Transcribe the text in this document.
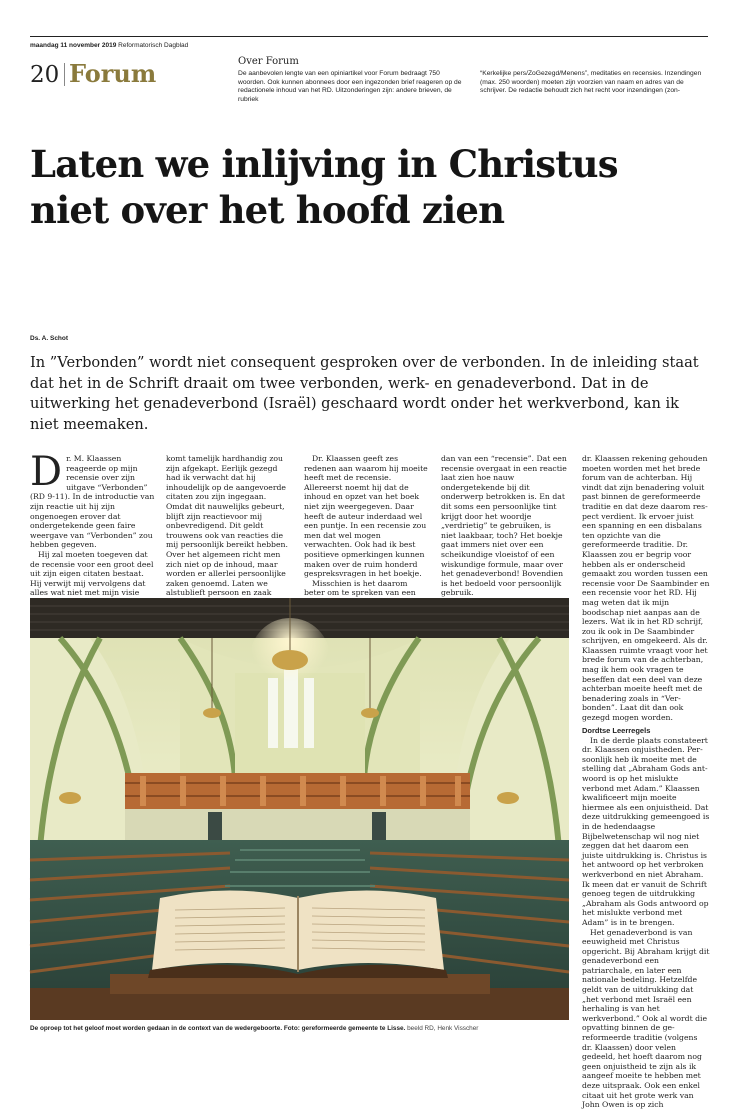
maandag 11 november 2019 Reformatorisch Dagblad
20 Forum	Over Forum
De aanbevolen lengte van een opiniartikel voor Forum bedraagt 750 woorden. Ook kunnen abonnees door een ingezonden brief reageren op de redactionele inhoud van het RD. Uitzonderingen zijn: andere brieven, de rubriek
“Kerkelijke pers/ZoGezegd/Menens”, meditaties en recensies. Inzendingen (max. 250 woorden) moeten zijn voorzien van naam en adres van de schrijver. De redactie behoudt zich het recht voor inzendingen (zon-
Laten we inlijving in Christus niet over het hoofd zien
Ds. A. Schot

In ”Verbonden” wordt niet consequent gesproken over de verbonden. In de inleiding staat dat het in de Schrift draait om twee verbonden, werk- en genadeverbond. Dat in de uitwerking het genadeverbond (Israël) geschaard wordt onder het werkverbond, kan ik niet meemaken.

D r. M. Klaassen reageerde op mijn recensie over zijn uitgave “Verbonden” (RD 9-11). In de introductie van zijn reactie uit hij zijn ongenoegen erover dat ondergetekende geen faire weergave van “Verbonden” zou hebben gegeven.

Hij zal moeten toegeven dat de recensie voor een groot deel uit zijn eigen citaten bestaat. Hij verwijt mij vervolgens dat alles wat niet met mijn visie

komt tamelijk hardhandig zou zijn afgekapt. Eerlijk gezegd had ik verwacht dat hij inhoudelijk op de aangevoerde citaten zou zijn ingegaan. Omdat dit nauwelijks gebeurt, blijft zijn reactievoor mij onbevredigend. Dit geldt trouwens ook van reacties die mij persoonlijk bereikt hebben. Over het algemeen richt men zich niet op de inhoud, maar worden er allerlei persoonlijke zaken genoemd. Laten we alstublieft persoon en zaak

Dr. Klaassen geeft zes redenen aan waarom hij moeite heeft met de recensie. Allereerst noemt hij dat de inhoud en opzet van het boek niet zijn weergegeven. Daar heeft de auteur inderdaad wel een puntje. In een recensie zou men dat wel mogen verwachten. Ook had ik best positieve opmerkingen kunnen maken over de ruim honderd gespreksvragen in het boekje.

Misschien is het daarom beter om te spreken van een

dan van een “recensie”. Dat een recensie overgaat in een reactie laat zien hoe nauw ondergetekende bij dit onderwerp betrokken is. En dat dit soms een persoonlijke tint krijgt door het woordje „verdrietig” te gebruiken, is niet laakbaar, toch? Het boekje gaat immers niet over een scheikundige vloeistof of een wiskundige formule, maar over het genadeverbond! Bovendien is het bedoeld voor persoonlijk gebruik.

dr. Klaassen rekening gehouden moeten worden met het brede forum van de achterban. Hij vindt dat zijn benadering voluit past binnen de gereformeerde traditie en dat deze daarom respect verdient. Ik ervoer juist een spanning en een disbalans ten opzichte van die gereformeerde traditie. Dr. Klaassen zou er begrip voor hebben als er onderscheid gemaakt zou worden tussen een recensie voor De Saambinder en een recensie voor het RD. Hij mag weten dat ik mijn boodschap niet aanpas aan de lezers. Wat ik in het RD schrijf, zou ik ook in De Saambinder schrijven, en omgekeerd. Als dr. Klaassen ruimte vraagt voor het brede forum van de achterban, mag ik hem ook vragen te beseffen dat een deel van deze achterban moeite heeft met de benadering zoals in “Verbonden”. Laat dit dan ook gezegd mogen worden.

Dordtse Leerregels

In de derde plaats constateert dr. Klaassen onjuistheden. Persoonlijk heb ik moeite met de stelling dat „Abraham Gods antwoord is op het mislukte verbond met Adam.” Klaassen kwalificeert mijn moeite hiermee als een onjuistheid. Dat deze uitdrukking gemeengoed is in de hedendaagse Bijbelwetenschap wil nog niet zeggen dat het daarom een juiste uitdrukking is. Christus is het antwoord op het verbroken werkverbond en niet Abraham. Ik meen dat er vanuit de Schrift genoeg tegen de uitdrukking „Abraham als Gods antwoord op het mislukte verbond met Adam” is in te brengen.

Het genadeverbond is van eeuwigheid met Christus opgericht. Bij Abraham krijgt dit genadeverbond een patriarchale, en later een nationale bedeling. Hetzelfde geldt van de uitdrukking dat „het verbond met Israël een herhaling is van het werkverbond.” Ook al wordt die opvatting binnen de gereformeerde traditie (volgens dr. Klaassen) door velen gedeeld, het hoeft daarom nog geen onjuistheid te zijn als ik aangeef moeite te hebben met deze uitspraak. Ook een enkel citaat uit het grote werk van John Owen is op zich

De oproep tot het geloof moet worden gedaan in de context van de wedergeboorte. Foto: gereformeerde gemeente te Lisse. beeld RD, Henk Visscher
